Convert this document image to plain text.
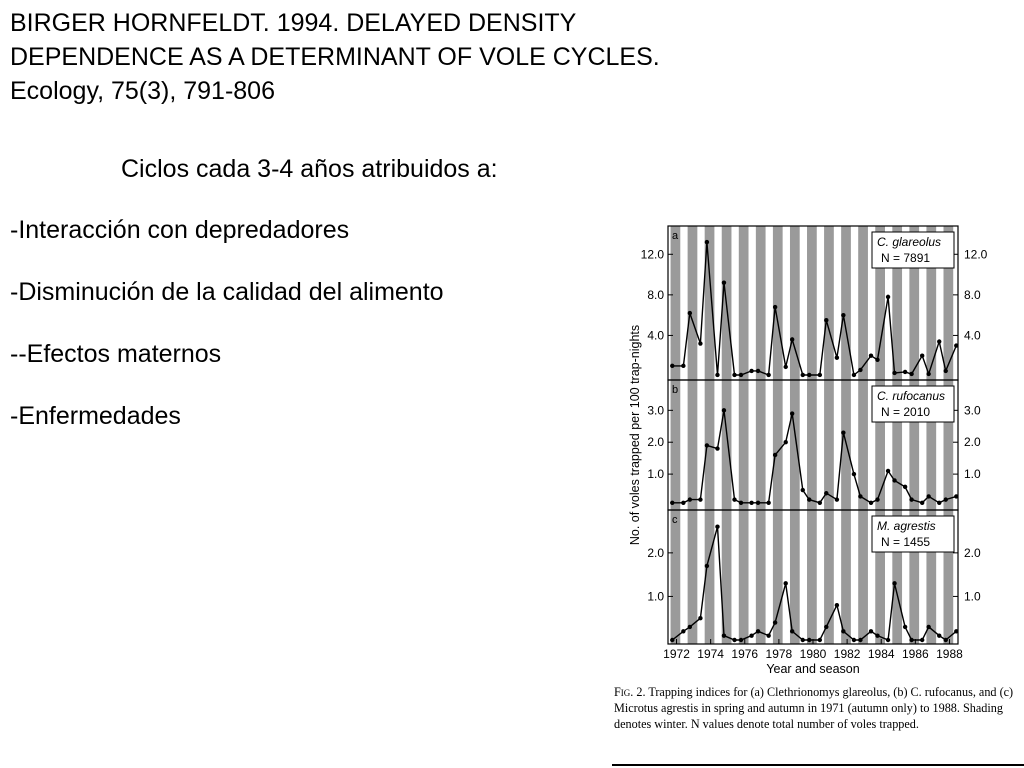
BIRGER HORNFELDT. 1994. DELAYED DENSITY
DEPENDENCE AS A DETERMINANT OF VOLE CYCLES.
Ecology, 75(3), 791-806
Ciclos cada 3-4 años atribuidos a:
-Interacción con depredadores
-Disminución de la calidad del alimento
--Efectos maternos
-Enfermedades
12.0	12.0
8.0	8.0
4.0	4.0
a	C. glareolus
N = 7891
3.0	3.0
2.0	2.0
1.0	1.0
b	C. rufocanus
N = 2010
2.0	2.0
1.0	1.0
c	M. agrestis
N = 1455
1972 1974 1976 1978 1980 1982 1984 1986 1988
Year and season
No. of voles trapped per 100 trap-nights
Fig. 2. Trapping indices for (a) Clethrionomys glareolus, (b) C. rufocanus, and (c) Microtus agrestis in spring and autumn in 1971 (autumn only) to 1988. Shading denotes winter. N values denote total number of voles trapped.
